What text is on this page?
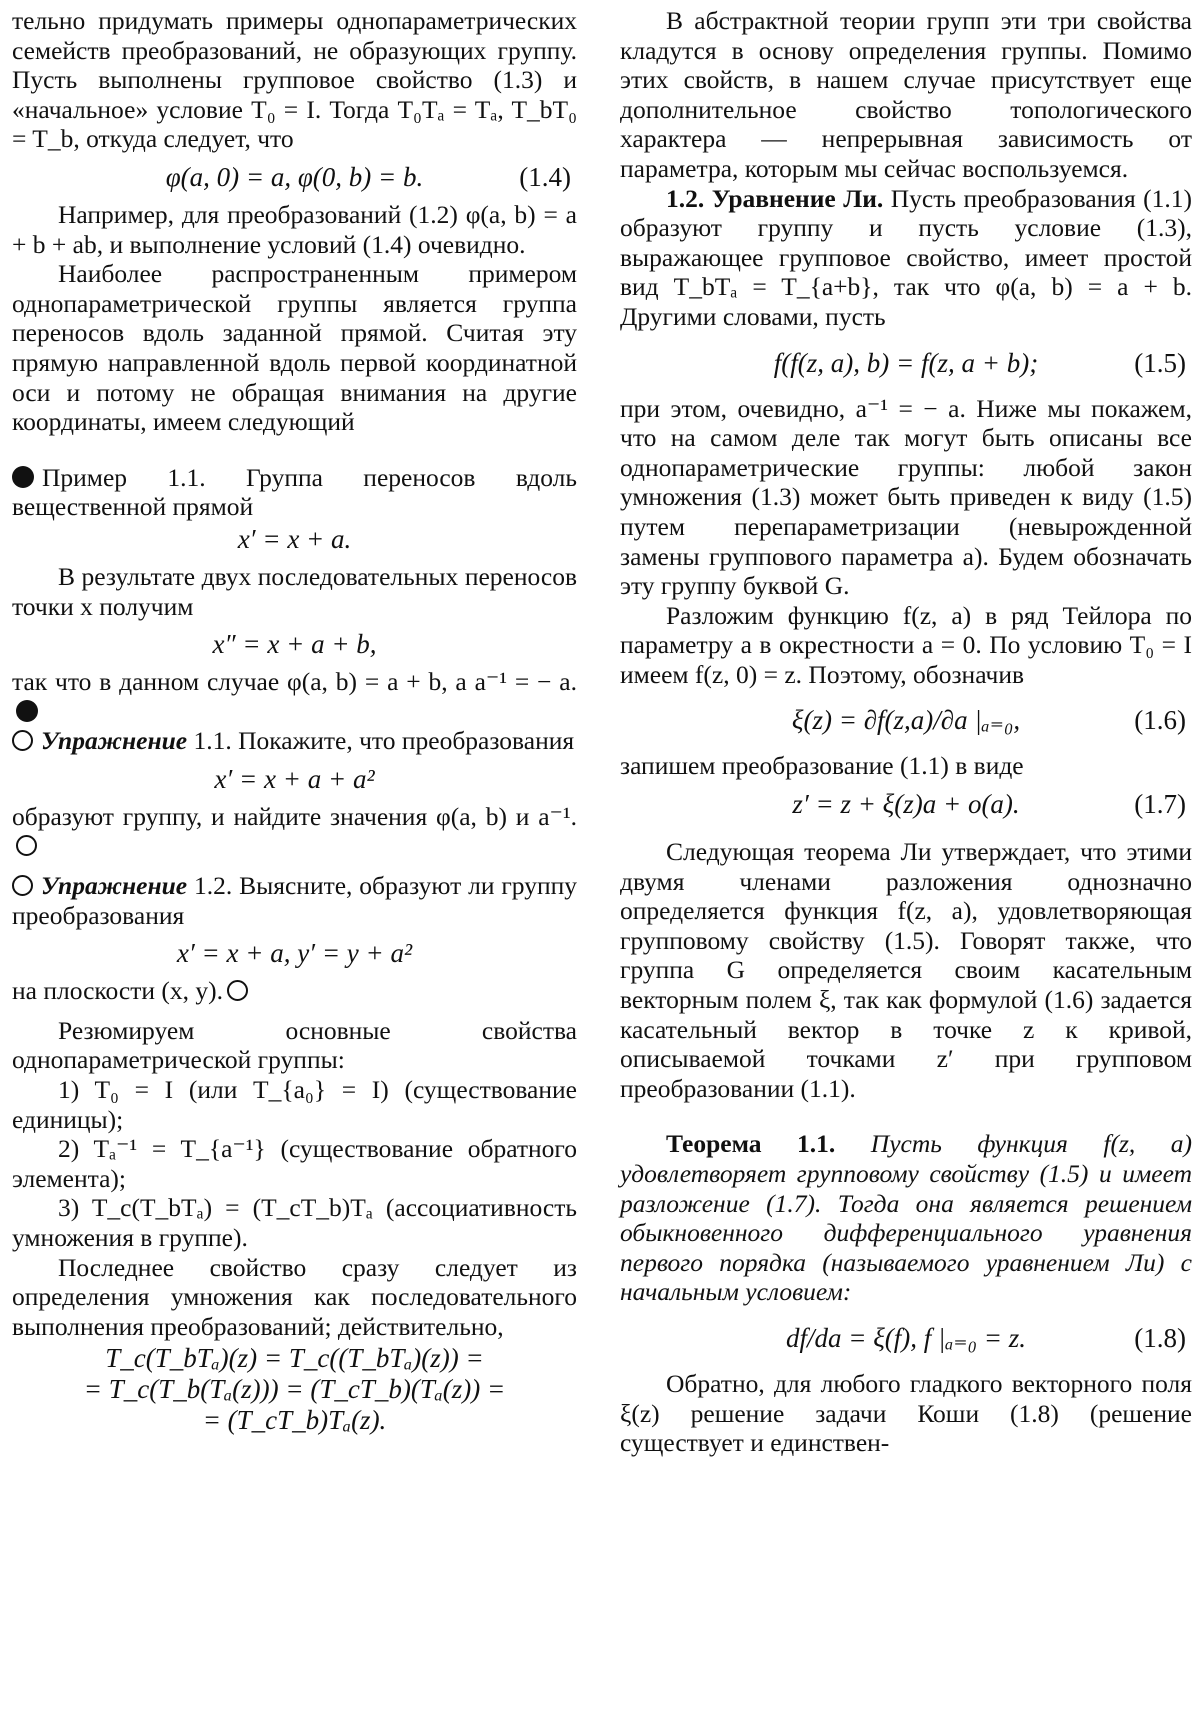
тельно придумать примеры однопараметрических семейств преобразований, не образующих группу. Пусть выполнены групповое свойство (1.3) и «начальное» условие T₀ = I. Тогда T₀Tₐ = Tₐ, T_bT₀ = T_b, откуда следует, что

φ(a, 0) = a, φ(0, b) = b.	(1.4)

Например, для преобразований (1.2) φ(a, b) = a + b + ab, и выполнение условий (1.4) очевидно.

Наиболее распространенным примером однопараметрической группы является группа переносов вдоль заданной прямой. Считая эту прямую направленной вдоль первой координатной оси и потому не обращая внимания на другие координаты, имеем следующий

Пример 1.1. Группа переносов вдоль вещественной прямой

x′ = x + a.

В результате двух последовательных переносов точки x получим

x″ = x + a + b,

так что в данном случае φ(a, b) = a + b, а a⁻¹ = − a.

Упражнение 1.1. Покажите, что преобразования

x′ = x + a + a²

образуют группу, и найдите значения φ(a, b) и a⁻¹.

Упражнение 1.2. Выясните, образуют ли группу преобразования

x′ = x + a, y′ = y + a²

на плоскости (x, y).

Резюмируем основные свойства однопараметрической группы:

1) T₀ = I (или T_{a₀} = I) (существование единицы);

2) Tₐ⁻¹ = T_{a⁻¹} (существование обратного элемента);

3) T_c(T_bTₐ) = (T_cT_b)Tₐ (ассоциативность умножения в группе).

Последнее свойство сразу следует из определения умножения как последовательного выполнения преобразований; действительно,

T_c(T_bTₐ)(z) = T_c((T_bTₐ)(z)) =
= T_c(T_b(Tₐ(z))) = (T_cT_b)(Tₐ(z)) =
= (T_cT_b)Tₐ(z).

В абстрактной теории групп эти три свойства кладутся в основу определения группы. Помимо этих свойств, в нашем случае присутствует еще дополнительное свойство топологического характера — непрерывная зависимость от параметра, которым мы сейчас воспользуемся.

1.2. Уравнение Ли. Пусть преобразования (1.1) образуют группу и пусть условие (1.3), выражающее групповое свойство, имеет простой вид T_bTₐ = T_{a+b}, так что φ(a, b) = a + b. Другими словами, пусть

f(f(z, a), b) = f(z, a + b);	(1.5)

при этом, очевидно, a⁻¹ = − a. Ниже мы покажем, что на самом деле так могут быть описаны все однопараметрические группы: любой закон умножения (1.3) может быть приведен к виду (1.5) путем перепараметризации (невырожденной замены группового параметра a). Будем обозначать эту группу буквой G.

Разложим функцию f(z, a) в ряд Тейлора по параметру a в окрестности a = 0. По условию T₀ = I имеем f(z, 0) = z. Поэтому, обозначив

ξ(z) = ∂f(z,a)/∂a |ₐ₌₀,	(1.6)

запишем преобразование (1.1) в виде

z′ = z + ξ(z)a + o(a).	(1.7)

Следующая теорема Ли утверждает, что этими двумя членами разложения однозначно определяется функция f(z, a), удовлетворяющая групповому свойству (1.5). Говорят также, что группа G определяется своим касательным векторным полем ξ, так как формулой (1.6) задается касательный вектор в точке z к кривой, описываемой точками z′ при групповом преобразовании (1.1).

Теорема 1.1. Пусть функция f(z, a) удовлетворяет групповому свойству (1.5) и имеет разложение (1.7). Тогда она является решением обыкновенного дифференциального уравнения первого порядка (называемого уравнением Ли) с начальным условием:

df/da = ξ(f), f |ₐ₌₀ = z.	(1.8)

Обратно, для любого гладкого векторного поля ξ(z) решение задачи Коши (1.8) (решение существует и единствен-
